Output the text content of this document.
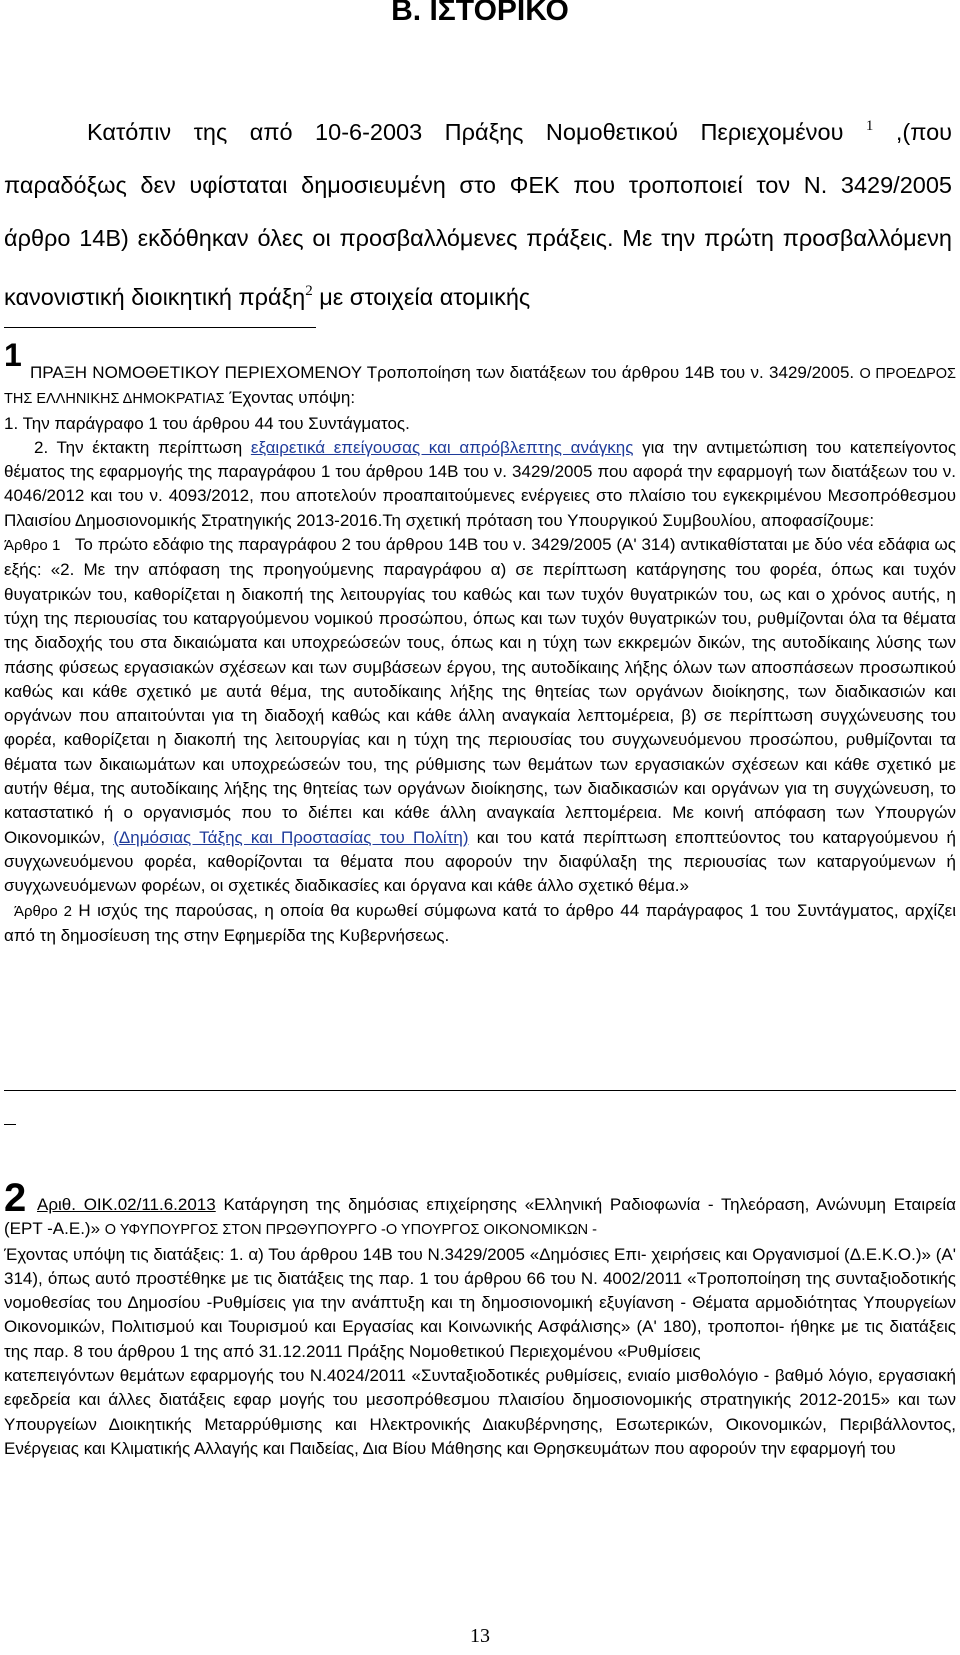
Β. ΙΣΤΟΡΙΚΟ
Κατόπιν της από 10-6-2003 Πράξης Νομοθετικού Περιεχομένου $^1$ ,(που παραδόξως δεν υφίσταται δημοσιευμένη στο ΦΕΚ που τροποποιεί τον Ν. 3429/2005 άρθρο 14Β) εκδόθηκαν όλες οι προσβαλλόμενες πράξεις. Με την πρώτη προσβαλλόμενη κανονιστική διοικητική πράξη$^2$ με στοιχεία ατομικής
1 ΠΡΑΞΗ ΝΟΜΟΘΕΤΙΚΟΥ ΠΕΡΙΕΧΟΜΕΝΟΥ Τροποποίηση των διατάξεων του άρθρου 14Β του ν. 3429/2005. Ο ΠΡΟΕΔΡΟΣ ΤΗΣ ΕΛΛΗΝΙΚΗΣ ΔΗΜΟΚΡΑΤΙΑΣ Έχοντας υπόψη:
1. Την παράγραφο 1 του άρθρου 44 του Συντάγματος.
2. Την έκτακτη περίπτωση εξαιρετικά επείγουσας και απρόβλεπτης ανάγκης για την αντιμετώπιση του κατεπείγοντος θέματος της εφαρμογής της παραγράφου 1 του άρθρου 14Β του ν. 3429/2005 που αφορά την εφαρμογή των διατάξεων του ν. 4046/2012 και του ν. 4093/2012, που αποτελούν προαπαιτούμενες ενέργειες στο πλαίσιο του εγκεκριμένου Μεσοπρόθεσμου Πλαισίου Δημοσιονομικής Στρατηγικής 2013-2016.Τη σχετική πρόταση του Υπουργικού Συμβουλίου, αποφασίζουμε:
Άρθρο 1 Το πρώτο εδάφιο της παραγράφου 2 του άρθρου 14Β του ν. 3429/2005 (Α' 314) αντικαθίσταται με δύο νέα εδάφια ως εξής: «2. Με την απόφαση της προηγούμενης παραγράφου α) σε περίπτωση κατάργησης του φορέα, όπως και τυχόν θυγατρικών του, καθορίζεται η διακοπή της λειτουργίας του καθώς και των τυχόν θυγατρικών του, ως και ο χρόνος αυτής, η τύχη της περιουσίας του καταργούμενου νομικού προσώπου, όπως και των τυχόν θυγατρικών του, ρυθμίζονται όλα τα θέματα της διαδοχής του στα δικαιώματα και υποχρεώσεών τους, όπως και η τύχη των εκκρεμών δικών, της αυτοδίκαιης λύσης των πάσης φύσεως εργασιακών σχέσεων και των συμβάσεων έργου, της αυτοδίκαιης λήξης όλων των αποσπάσεων προσωπικού καθώς και κάθε σχετικό με αυτά θέμα, της αυτοδίκαιης λήξης της θητείας των οργάνων διοίκησης, των διαδικασιών και οργάνων που απαιτούνται για τη διαδοχή καθώς και κάθε άλλη αναγκαία λεπτομέρεια, β) σε περίπτωση συγχώνευσης του φορέα, καθορίζεται η διακοπή της λειτουργίας και η τύχη της περιουσίας του συγχωνευόμενου προσώπου, ρυθμίζονται τα θέματα των δικαιωμάτων και υποχρεώσεών του, της ρύθμισης των θεμάτων των εργασιακών σχέσεων και κάθε σχετικό με αυτήν θέμα, της αυτοδίκαιης λήξης της θητείας των οργάνων διοίκησης, των διαδικασιών και οργάνων για τη συγχώνευση, το καταστατικό ή ο οργανισμός που το διέπει και κάθε άλλη αναγκαία λεπτομέρεια. Με κοινή απόφαση των Υπουργών Οικονομικών, (Δημόσιας Τάξης και Προστασίας του Πολίτη) και του κατά περίπτωση εποπτεύοντος του καταργούμενου ή συγχωνευόμενου φορέα, καθορίζονται τα θέματα που αφορούν την διαφύλαξη της περιουσίας των καταργούμενων ή συγχωνευόμενων φορέων, οι σχετικές διαδικασίες και όργανα και κάθε άλλο σχετικό θέμα.»
Άρθρο 2 Η ισχύς της παρούσας, η οποία θα κυρωθεί σύμφωνα κατά το άρθρο 44 παράγραφος 1 του Συντάγματος, αρχίζει από τη δημοσίευση της στην Εφημερίδα της Κυβερνήσεως.
2 Αριθ. ΟΙΚ.02/11.6.2013 Κατάργηση της δημόσιας επιχείρησης «Ελληνική Ραδιοφωνία - Τηλεόραση, Ανώνυμη Εταιρεία (ΕΡΤ -Α.Ε.)» Ο ΥΦΥΠΟΥΡΓΟΣ ΣΤΟΝ ΠΡΩΘΥΠΟΥΡΓΟ -Ο ΥΠΟΥΡΓΟΣ ΟΙΚΟΝΟΜΙΚΩΝ -
Έχοντας υπόψη τις διατάξεις: 1. α) Του άρθρου 14Β του Ν.3429/2005 «Δημόσιες Επι- χειρήσεις και Οργανισμοί (Δ.Ε.Κ.Ο.)» (Α' 314), όπως αυτό προστέθηκε με τις διατάξεις της παρ. 1 του άρθρου 66 του Ν. 4002/2011 «Τροποποίηση της συνταξιοδοτικής νομοθεσίας του Δημοσίου -Ρυθμίσεις για την ανάπτυξη και τη δημοσιονομική εξυγίανση - Θέματα αρμοδιότητας Υπουργείων Οικονομικών, Πολιτισμού και Τουρισμού και Εργασίας και Κοινωνικής Ασφάλισης» (Α' 180), τροποποι- ήθηκε με τις διατάξεις της παρ. 8 του άρθρου 1 της από 31.12.2011 Πράξης Νομοθετικού Περιεχομένου «Ρυθμίσεις
κατεπειγόντων θεμάτων εφαρμογής του Ν.4024/2011 «Συνταξιοδοτικές ρυθμίσεις, ενιαίο μισθολόγιο - βαθμό λόγιο, εργασιακή εφεδρεία και άλλες διατάξεις εφαρ μογής του μεσοπρόθεσμου πλαισίου δημοσιονομικής στρατηγικής 2012-2015» και των Υπουργείων Διοικητικής Μεταρρύθμισης και Ηλεκτρονικής Διακυβέρνησης, Εσωτερικών, Οικονομικών, Περιβάλλοντος, Ενέργειας και Κλιματικής Αλλαγής και Παιδείας, Δια Βίου Μάθησης και Θρησκευμάτων που αφορούν την εφαρμογή του
13
